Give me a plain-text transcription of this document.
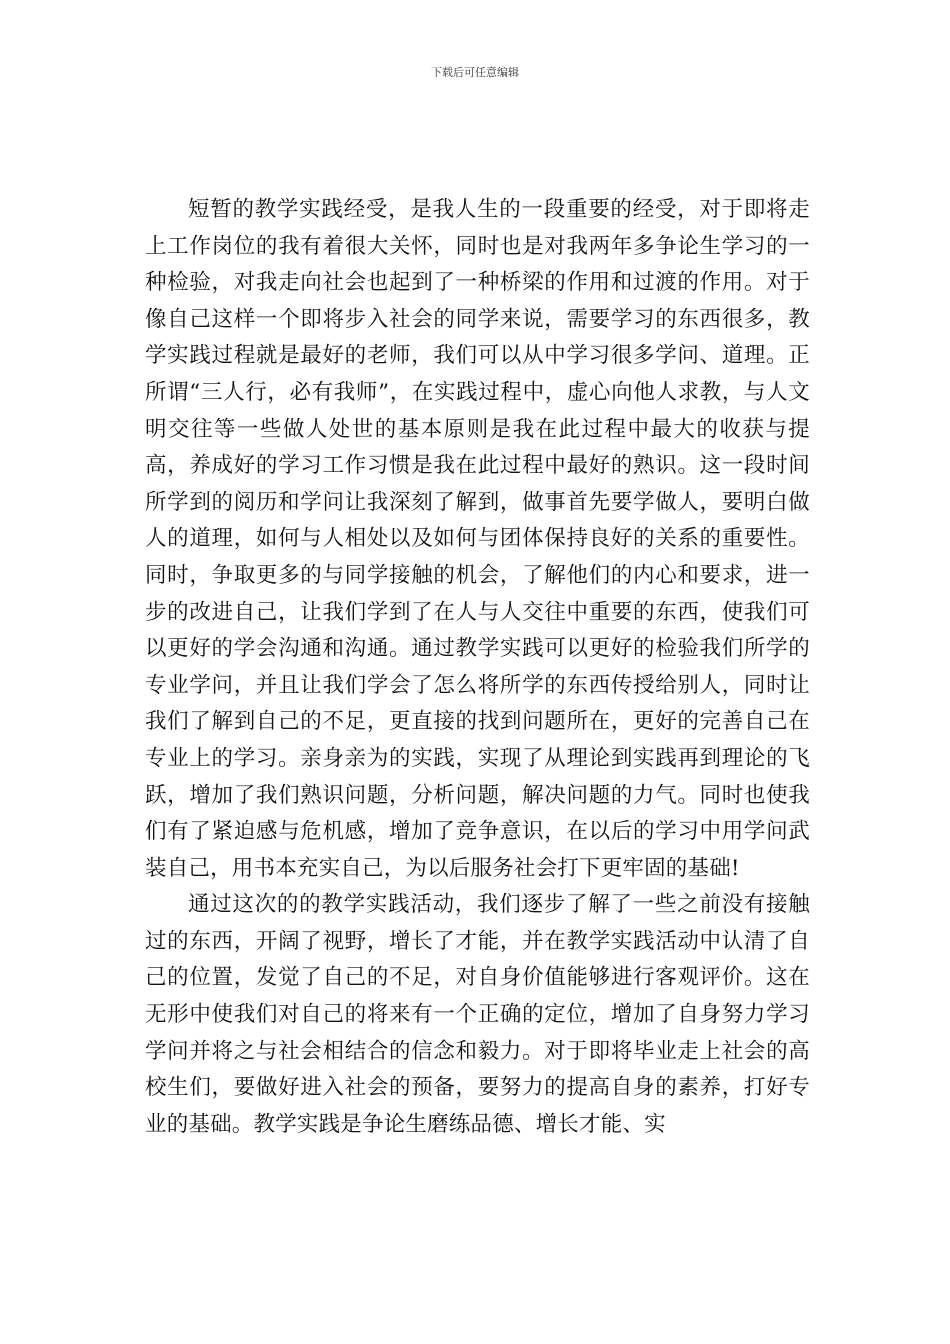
下载后可任意编辑

短暂的教学实践经受，是我人生的一段重要的经受，对于即将走上工作岗位的我有着很大关怀，同时也是对我两年多争论生学习的一种检验，对我走向社会也起到了一种桥梁的作用和过渡的作用。对于像自己这样一个即将步入社会的同学来说，需要学习的东西很多，教学实践过程就是最好的老师，我们可以从中学习很多学问、道理。正所谓“三人行，必有我师”，在实践过程中，虚心向他人求教，与人文明交往等一些做人处世的基本原则是我在此过程中最大的收获与提高，养成好的学习工作习惯是我在此过程中最好的熟识。这一段时间所学到的阅历和学问让我深刻了解到，做事首先要学做人，要明白做人的道理，如何与人相处以及如何与团体保持良好的关系的重要性。同时，争取更多的与同学接触的机会，了解他们的内心和要求，进一步的改进自己，让我们学到了在人与人交往中重要的东西，使我们可以更好的学会沟通和沟通。通过教学实践可以更好的检验我们所学的专业学问，并且让我们学会了怎么将所学的东西传授给别人，同时让我们了解到自己的不足，更直接的找到问题所在，更好的完善自己在专业上的学习。亲身亲为的实践，实现了从理论到实践再到理论的飞跃，增加了我们熟识问题，分析问题，解决问题的力气。同时也使我们有了紧迫感与危机感，增加了竞争意识，在以后的学习中用学问武装自己，用书本充实自己，为以后服务社会打下更牢固的基础!

通过这次的的教学实践活动，我们逐步了解了一些之前没有接触过的东西，开阔了视野，增长了才能，并在教学实践活动中认清了自己的位置，发觉了自己的不足，对自身价值能够进行客观评价。这在无形中使我们对自己的将来有一个正确的定位，增加了自身努力学习学问并将之与社会相结合的信念和毅力。对于即将毕业走上社会的高校生们，要做好进入社会的预备，要努力的提高自身的素养，打好专业的基础。教学实践是争论生磨练品德、增长才能、实
